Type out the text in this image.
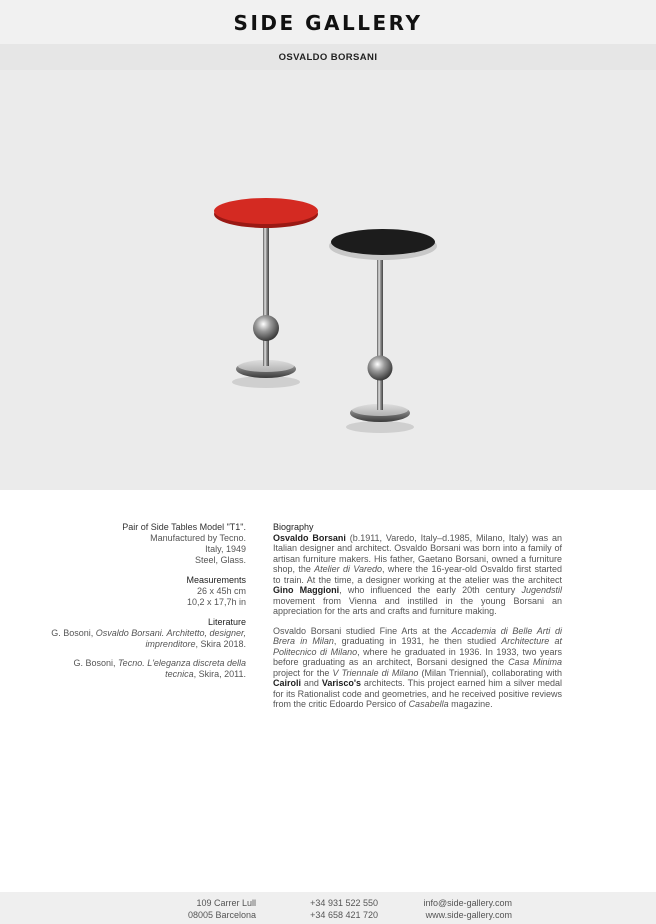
SIDE GALLERY
OSVALDO BORSANI

Pair of Side Tables Model "T1".

Manufactured by Tecno.

Italy, 1949

Steel, Glass.

Measurements

26 x 45h cm

10,2 x 17,7h in

Literature

G. Bosoni, Osvaldo Borsani. Architetto, designer, imprenditore, Skira 2018.

G. Bosoni, Tecno. L'eleganza discreta della tecnica, Skira, 2011.

Biography

Osvaldo Borsani (b.1911, Varedo, Italy–d.1985, Milano, Italy) was an Italian designer and architect. Osvaldo Borsani was born into a family of artisan furniture makers. His father, Gaetano Borsani, owned a furniture shop, the Atelier di Varedo, where the 16-year-old Osvaldo first started to train. At the time, a designer working at the atelier was the architect Gino Maggioni, who influenced the early 20th century Jugendstil movement from Vienna and instilled in the young Borsani an appreciation for the arts and crafts and furniture making.

Osvaldo Borsani studied Fine Arts at the Accademia di Belle Arti di Brera in Milan, graduating in 1931, he then studied Architecture at Politecnico di Milano, where he graduated in 1936. In 1933, two years before graduating as an architect, Borsani designed the Casa Minima project for the V Triennale di Milano (Milan Triennial), collaborating with Cairoli and Varisco's architects. This project earned him a silver medal for its Rationalist code and geometries, and he received positive reviews from the critic Edoardo Persico of Casabella magazine.

109 Carrer Lull
08005 Barcelona
+34 931 522 550
+34 658 421 720
info@side-gallery.com
www.side-gallery.com
